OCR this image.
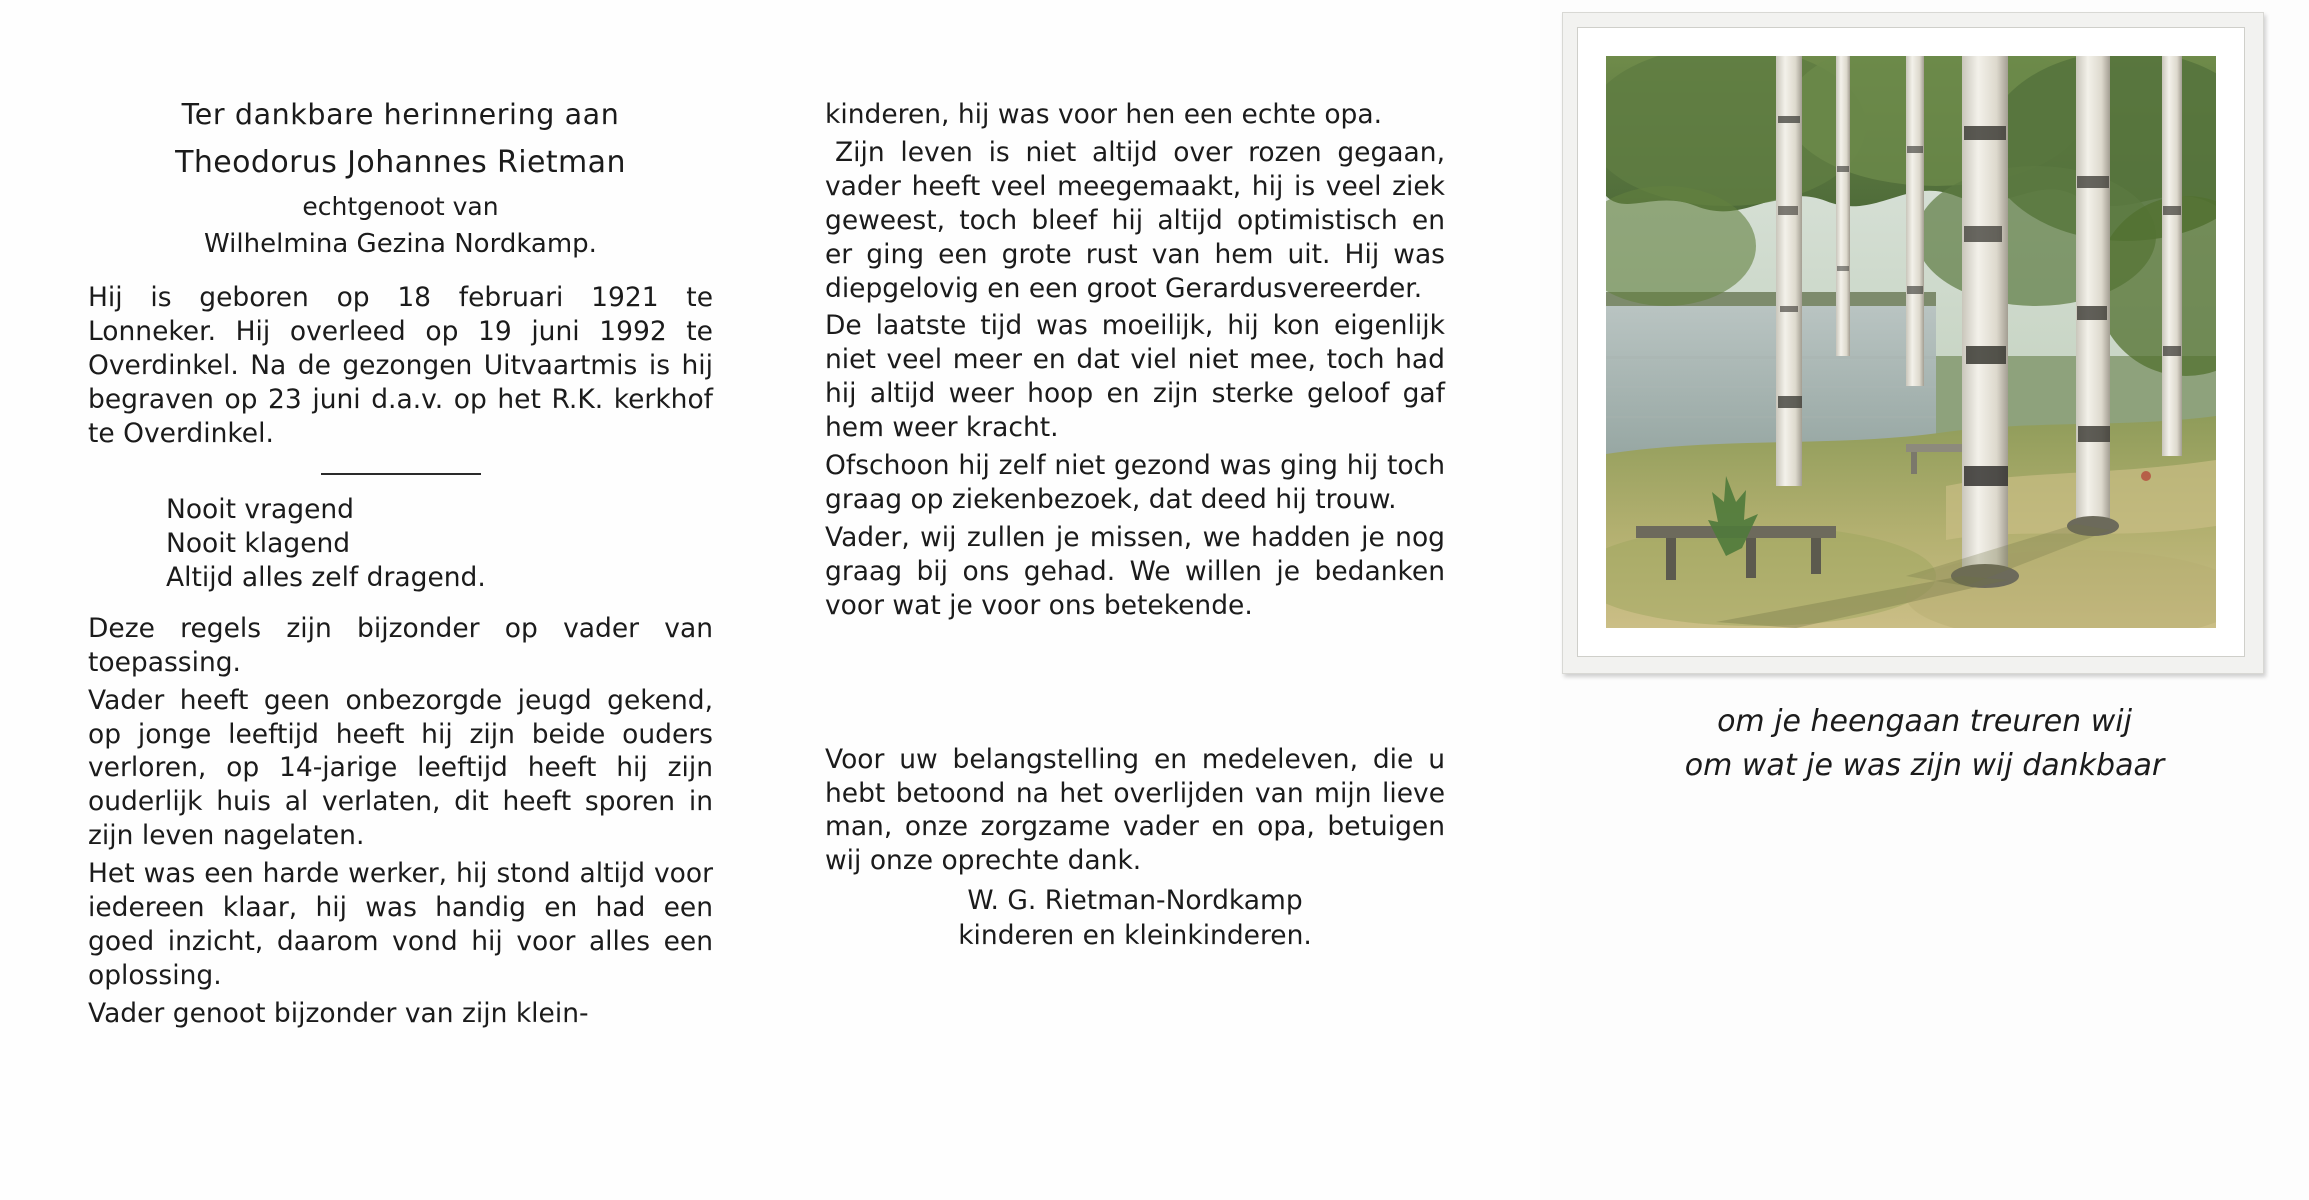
Ter dankbare herinnering aan
Theodorus Johannes Rietman
echtgenoot van
Wilhelmina Gezina Nordkamp.

Hij is geboren op 18 februari 1921 te Lonneker. Hij overleed op 19 juni 1992 te Overdinkel. Na de gezongen Uitvaartmis is hij begraven op 23 juni d.a.v. op het R.K. kerkhof te Overdinkel.

Nooit vragend
Nooit klagend
Altijd alles zelf dragend.

Deze regels zijn bijzonder op vader van toepassing.

Vader heeft geen onbezorgde jeugd gekend, op jonge leeftijd heeft hij zijn beide ouders verloren, op 14-jarige leeftijd heeft hij zijn ouderlijk huis al verlaten, dit heeft sporen in zijn leven nagelaten.

Het was een harde werker, hij stond altijd voor iedereen klaar, hij was handig en had een goed inzicht, daarom vond hij voor alles een oplossing.

Vader genoot bijzonder van zijn klein-

kinderen, hij was voor hen een echte opa.

Zijn leven is niet altijd over rozen gegaan, vader heeft veel meegemaakt, hij is veel ziek geweest, toch bleef hij altijd optimistisch en er ging een grote rust van hem uit. Hij was diepgelovig en een groot Gerardusvereerder.

De laatste tijd was moeilijk, hij kon eigenlijk niet veel meer en dat viel niet mee, toch had hij altijd weer hoop en zijn sterke geloof gaf hem weer kracht.

Ofschoon hij zelf niet gezond was ging hij toch graag op ziekenbezoek, dat deed hij trouw.

Vader, wij zullen je missen, we hadden je nog graag bij ons gehad. We willen je bedanken voor wat je voor ons betekende.

Voor uw belangstelling en medeleven, die u hebt betoond na het overlijden van mijn lieve man, onze zorgzame vader en opa, betuigen wij onze oprechte dank.

W. G. Rietman-Nordkamp
kinderen en kleinkinderen.
om je heengaan treuren wij
om wat je was zijn wij dankbaar
